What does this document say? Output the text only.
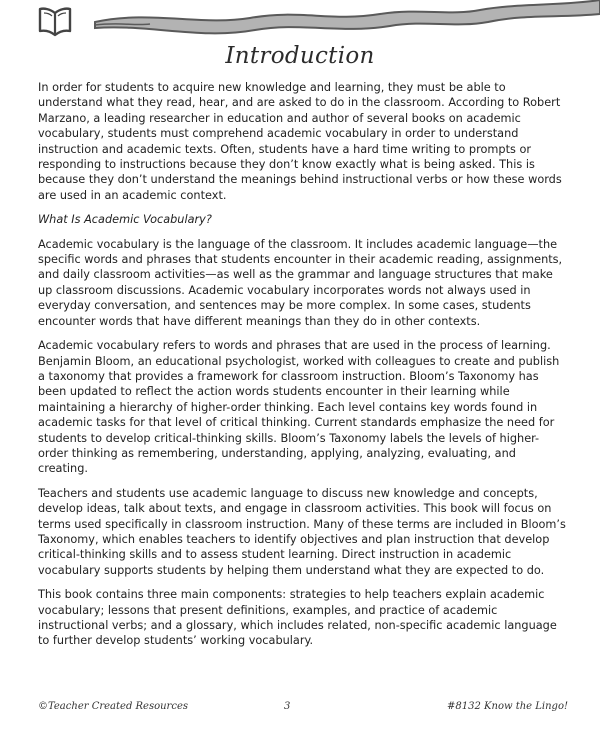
Introduction

In order for students to acquire new knowledge and learning, they must be able to understand what they read, hear, and are asked to do in the classroom. According to Robert Marzano, a leading researcher in education and author of several books on academic vocabulary, students must comprehend academic vocabulary in order to understand instruction and academic texts. Often, students have a hard time writing to prompts or responding to instructions because they don’t know exactly what is being asked. This is because they don’t understand the meanings behind instructional verbs or how these words are used in an academic context.

What Is Academic Vocabulary?

Academic vocabulary is the language of the classroom. It includes academic language—the specific words and phrases that students encounter in their academic reading, assignments, and daily classroom activities—as well as the grammar and language structures that make up classroom discussions. Academic vocabulary incorporates words not always used in everyday conversation, and sentences may be more complex. In some cases, students encounter words that have different meanings than they do in other contexts.

Academic vocabulary refers to words and phrases that are used in the process of learning. Benjamin Bloom, an educational psychologist, worked with colleagues to create and publish a taxonomy that provides a framework for classroom instruction. Bloom’s Taxonomy has been updated to reflect the action words students encounter in their learning while maintaining a hierarchy of higher-order thinking. Each level contains key words found in academic tasks for that level of critical thinking. Current standards emphasize the need for students to develop critical-thinking skills. Bloom’s Taxonomy labels the levels of higher-order thinking as remembering, understanding, applying, analyzing, evaluating, and creating.

Teachers and students use academic language to discuss new knowledge and concepts, develop ideas, talk about texts, and engage in classroom activities. This book will focus on terms used specifically in classroom instruction. Many of these terms are included in Bloom’s Taxonomy, which enables teachers to identify objectives and plan instruction that develop critical-thinking skills and to assess student learning. Direct instruction in academic vocabulary supports students by helping them understand what they are expected to do.

This book contains three main components: strategies to help teachers explain academic vocabulary; lessons that present definitions, examples, and practice of academic instructional verbs; and a glossary, which includes related, non-specific academic language to further develop students’ working vocabulary.

©Teacher Created Resources	3	#8132 Know the Lingo!
